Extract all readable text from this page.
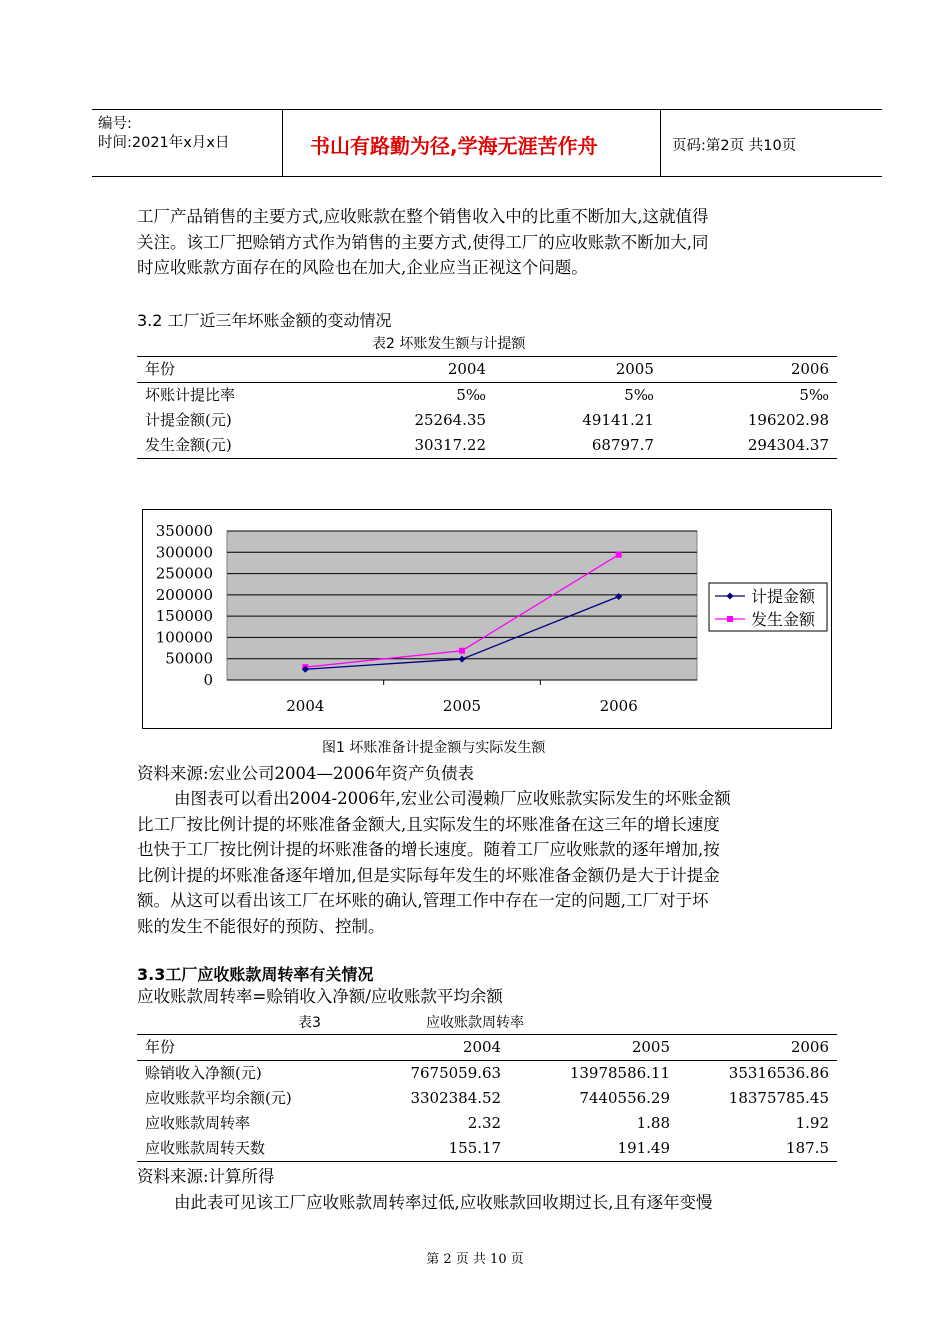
编号:
时间:2021年x月x日	书山有路勤为径,学海无涯苦作舟	页码:第2页 共10页

工厂产品销售的主要方式,应收账款在整个销售收入中的比重不断加大,这就值得

关注。该工厂把赊销方式作为销售的主要方式,使得工厂的应收账款不断加大,同

时应收账款方面存在的风险也在加大,企业应当正视这个问题。

3.2 工厂近三年坏账金额的变动情况
表2 坏账发生额与计提额
年份	2004	2005	2006
坏账计提比率	5‰	5‰	5‰
计提金额(元)	25264.35	49141.21	196202.98
发生金额(元)	30317.22	68797.7	294304.37
0
50000
100000
150000
200000
250000
300000
350000
2004	2005	2006
计提金额
发生金额
图1 坏账准备计提金额与实际发生额

资料来源:宏业公司2004—2006年资产负债表

由图表可以看出2004-2006年,宏业公司漫赖厂应收账款实际发生的坏账金额

比工厂按比例计提的坏账准备金额大,且实际发生的坏账准备在这三年的增长速度

也快于工厂按比例计提的坏账准备的增长速度。随着工厂应收账款的逐年增加,按

比例计提的坏账准备逐年增加,但是实际每年发生的坏账准备金额仍是大于计提金

额。从这可以看出该工厂在坏账的确认,管理工作中存在一定的问题,工厂对于坏

账的发生不能很好的预防、控制。

3.3工厂应收账款周转率有关情况

应收账款周转率=赊销收入净额/应收账款平均余额

表3	应收账款周转率
年份	2004	2005	2006
赊销收入净额(元)	7675059.63	13978586.11	35316536.86
应收账款平均余额(元)	3302384.52	7440556.29	18375785.45
应收账款周转率	2.32	1.88	1.92
应收账款周转天数	155.17	191.49	187.5

资料来源:计算所得

由此表可见该工厂应收账款周转率过低,应收账款回收期过长,且有逐年变慢

第 2 页 共 10 页
